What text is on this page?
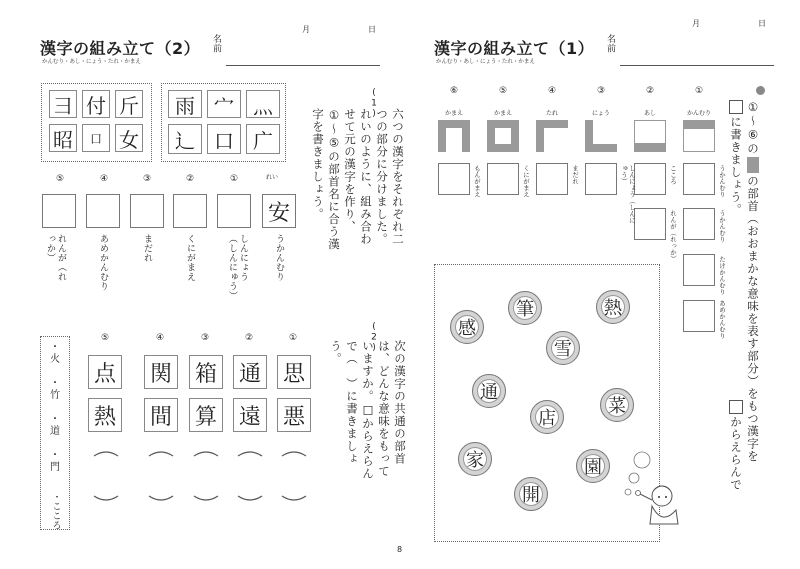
月	日
漢字の組み立て（2）
かんむり・あし・にょう・たれ・かまえ
名前
(1)
六つの漢字をそれぞれ二つの部分に分けました。れいのように、組み合わせて元の漢字を作り、①〜⑤の部首名に合う漢字を書きましょう。
彐 付 斤
昭	口 女
雨 宀 灬
辶 口 广
れい
安
うかんむり
①
しんにょう（しんにゅう）
②
くにがまえ
③
まだれ
④
あめかんむり
⑤
れんが（れっか）
(2)
次の漢字の共通の部首は、どんな意味をもっていますか。□からえらんで（　）に書きましょう。
・火
・竹
・道
・門
・こころ
①
思
悪
②
通
遠
③
箱
算
④
関
間
⑤
点
熱
8
月	日
漢字の組み立て（1）
かんむり・あし・にょう・たれ・かまえ
名前
①〜⑥の
の部首（おおまかな意味を表す部分）をもつ漢字を
からえらんで
に書きましょう。
①
かんむり
②
あし
③
にょう
④
たれ
⑤
かまえ
⑥
かまえ
うかんむり
うかんむり
たけかんむり
あめかんむり
こころ
れんが（れっか）
しんにょう（しんにゅう）
まだれ
くにがまえ
もんがまえ
感
筆	熱
雪
通
菜
店
家	園
開
